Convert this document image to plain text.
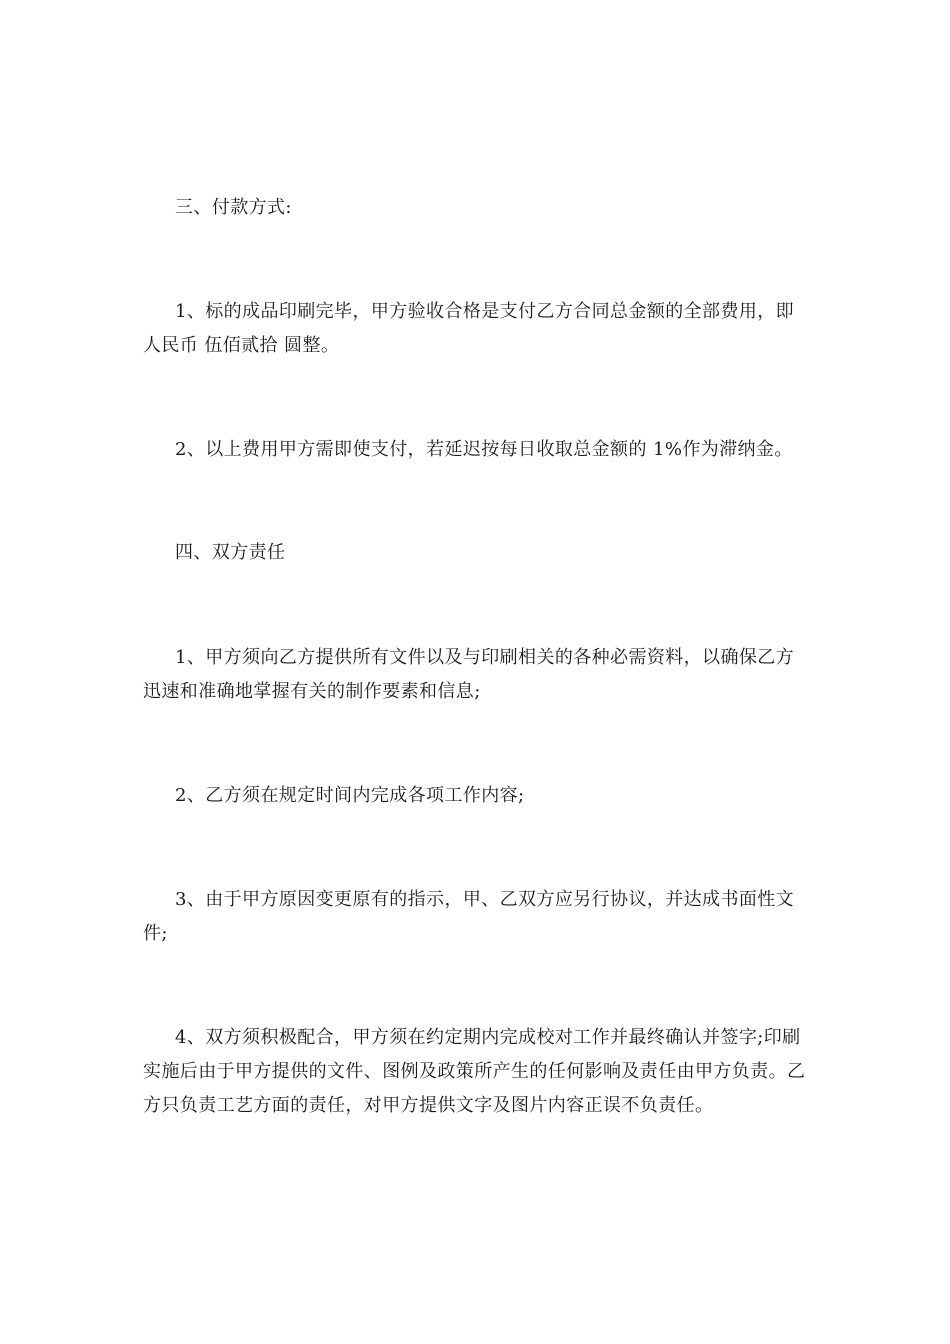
三、付款方式:

1、标的成品印刷完毕，甲方验收合格是支付乙方合同总金额的全部费用，即人民币 伍佰贰拾 圆整。

2、以上费用甲方需即使支付，若延迟按每日收取总金额的 1%作为滞纳金。

四、双方责任

1、甲方须向乙方提供所有文件以及与印刷相关的各种必需资料，以确保乙方迅速和准确地掌握有关的制作要素和信息;

2、乙方须在规定时间内完成各项工作内容;

3、由于甲方原因变更原有的指示，甲、乙双方应另行协议，并达成书面性文件;

4、双方须积极配合，甲方须在约定期内完成校对工作并最终确认并签字;印刷实施后由于甲方提供的文件、图例及政策所产生的任何影响及责任由甲方负责。乙方只负责工艺方面的责任，对甲方提供文字及图片内容正误不负责任。
